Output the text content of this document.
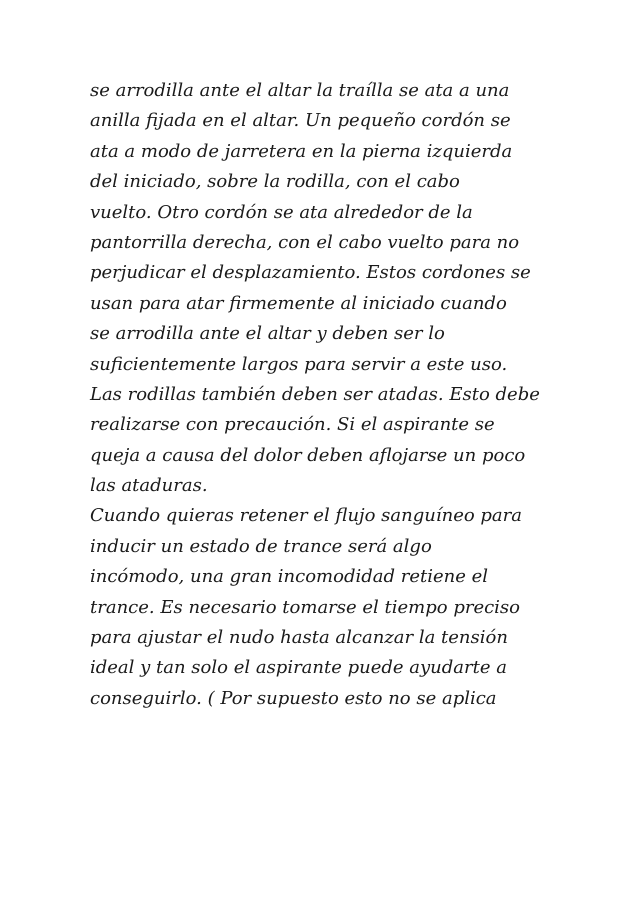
se arrodilla ante el altar la traílla se ata a una
anilla fijada en el altar. Un pequeño cordón se
ata a modo de jarretera en la pierna izquierda
del iniciado, sobre la rodilla, con el cabo
vuelto. Otro cordón se ata alrededor de la
pantorrilla derecha, con el cabo vuelto para no
perjudicar el desplazamiento. Estos cordones se
usan para atar firmemente al iniciado cuando
se arrodilla ante el altar y deben ser lo
suficientemente largos para servir a este uso.
Las rodillas también deben ser atadas. Esto debe
realizarse con precaución. Si el aspirante se
queja a causa del dolor deben aflojarse un poco
las ataduras.
Cuando quieras retener el flujo sanguíneo para
inducir un estado de trance será algo
incómodo, una gran incomodidad retiene el
trance. Es necesario tomarse el tiempo preciso
para ajustar el nudo hasta alcanzar la tensión
ideal y tan solo el aspirante puede ayudarte a
conseguirlo. ( Por supuesto esto no se aplica
